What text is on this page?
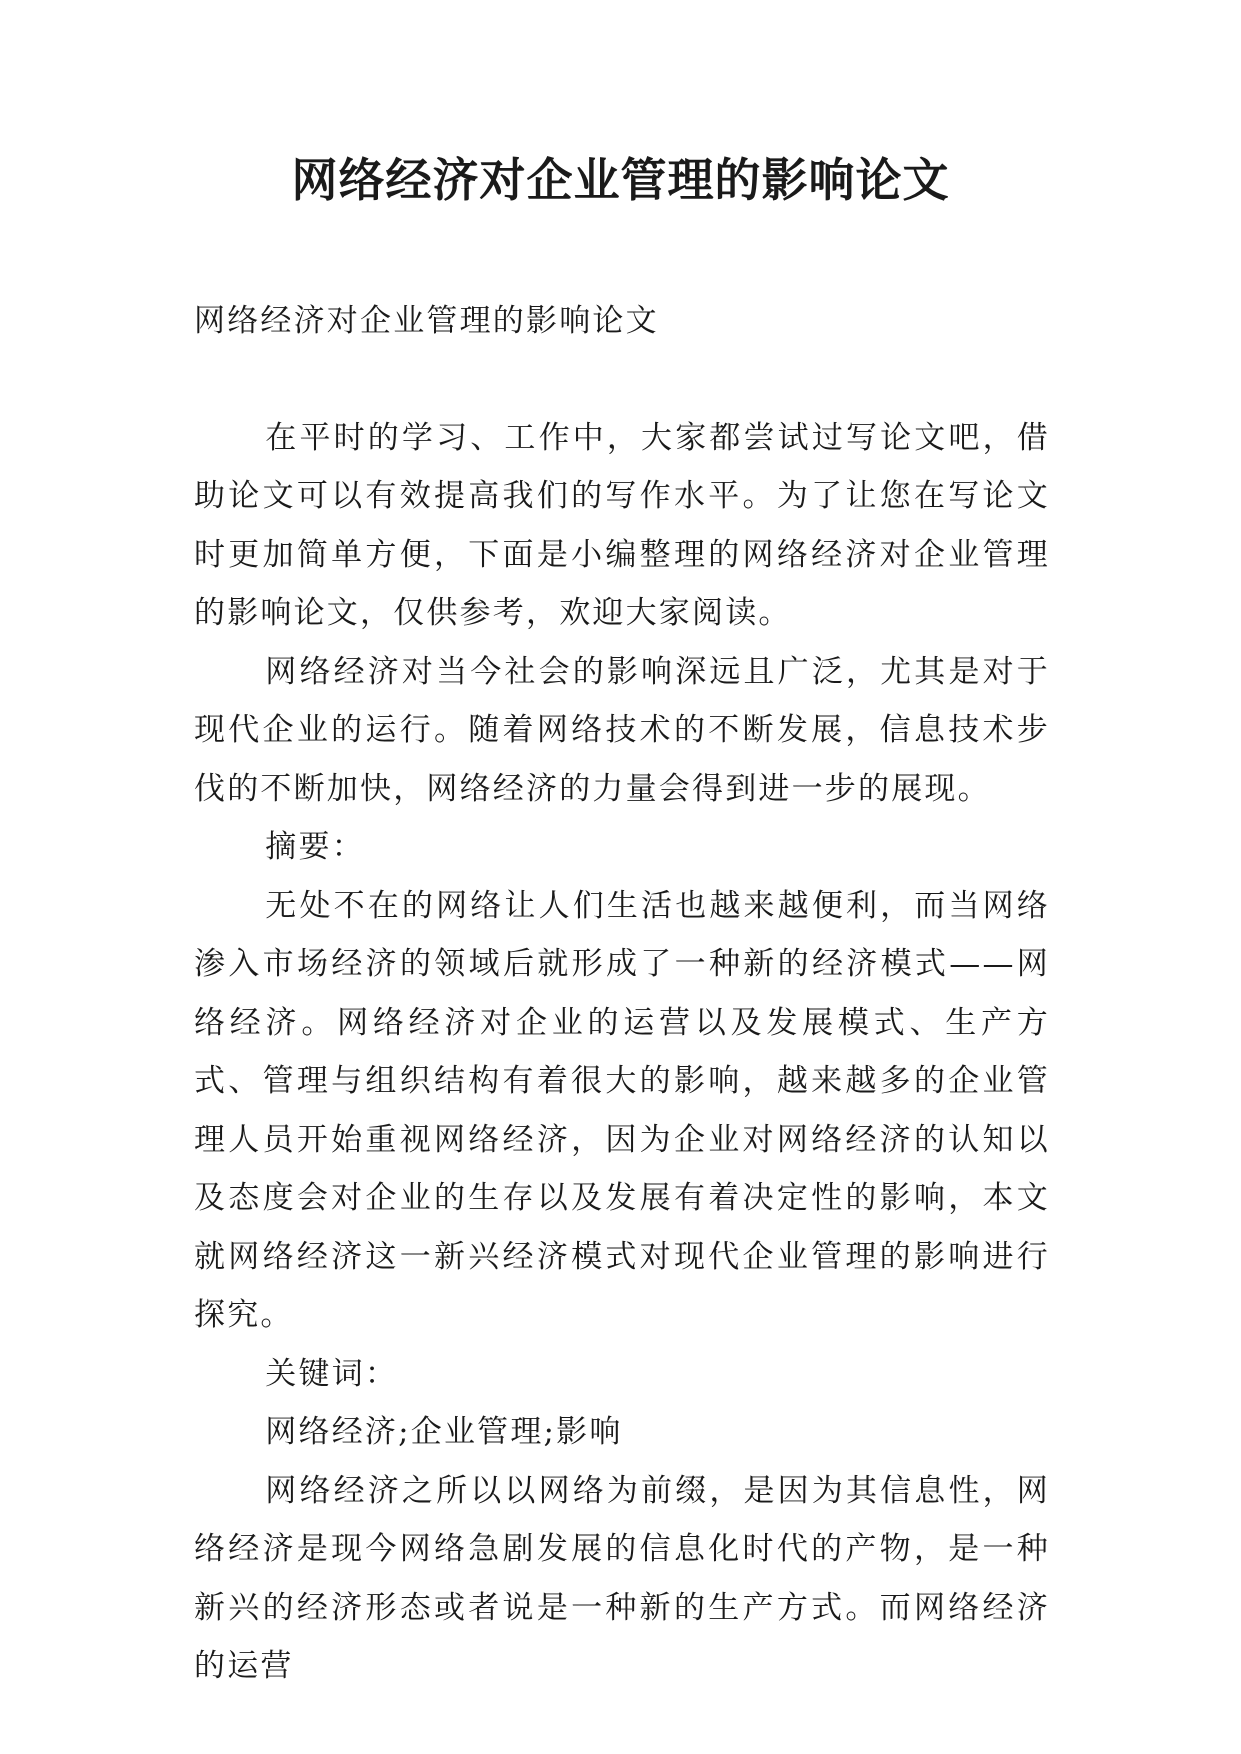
网络经济对企业管理的影响论文

网络经济对企业管理的影响论文

在平时的学习、工作中，大家都尝试过写论文吧，借助论文可以有效提高我们的写作水平。为了让您在写论文时更加简单方便，下面是小编整理的网络经济对企业管理的影响论文，仅供参考，欢迎大家阅读。

网络经济对当今社会的影响深远且广泛，尤其是对于现代企业的运行。随着网络技术的不断发展，信息技术步伐的不断加快，网络经济的力量会得到进一步的展现。

摘要：

无处不在的网络让人们生活也越来越便利，而当网络渗入市场经济的领域后就形成了一种新的经济模式——网络经济。网络经济对企业的运营以及发展模式、生产方式、管理与组织结构有着很大的影响，越来越多的企业管理人员开始重视网络经济，因为企业对网络经济的认知以及态度会对企业的生存以及发展有着决定性的影响，本文就网络经济这一新兴经济模式对现代企业管理的影响进行探究。

关键词：

网络经济;企业管理;影响

网络经济之所以以网络为前缀，是因为其信息性，网络经济是现今网络急剧发展的信息化时代的产物，是一种新兴的经济形态或者说是一种新的生产方式。而网络经济的运营
